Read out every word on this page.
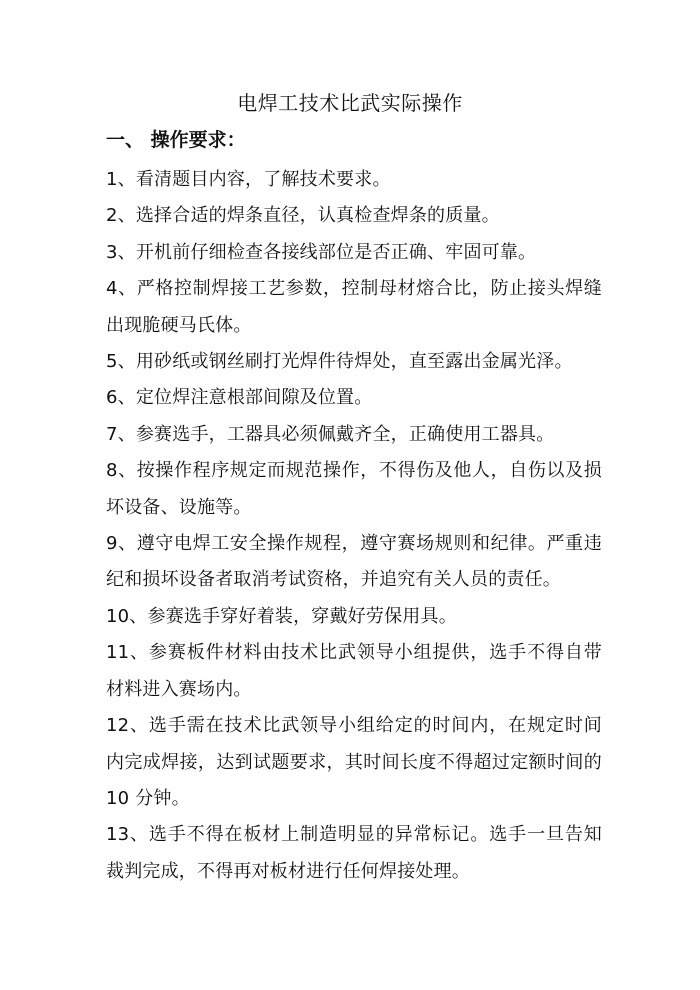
电焊工技术比武实际操作
一、 操作要求：
1、看清题目内容，了解技术要求。
2、选择合适的焊条直径，认真检查焊条的质量。
3、开机前仔细检查各接线部位是否正确、牢固可靠。
4、严格控制焊接工艺参数，控制母材熔合比，防止接头焊缝出现脆硬马氏体。
5、用砂纸或钢丝刷打光焊件待焊处，直至露出金属光泽。
6、定位焊注意根部间隙及位置。
7、参赛选手，工器具必须佩戴齐全，正确使用工器具。
8、按操作程序规定而规范操作，不得伤及他人，自伤以及损坏设备、设施等。
9、遵守电焊工安全操作规程，遵守赛场规则和纪律。严重违纪和损坏设备者取消考试资格，并追究有关人员的责任。
10、参赛选手穿好着装，穿戴好劳保用具。
11、参赛板件材料由技术比武领导小组提供，选手不得自带材料进入赛场内。
12、选手需在技术比武领导小组给定的时间内，在规定时间内完成焊接，达到试题要求，其时间长度不得超过定额时间的 10 分钟。
13、选手不得在板材上制造明显的异常标记。选手一旦告知裁判完成，不得再对板材进行任何焊接处理。
